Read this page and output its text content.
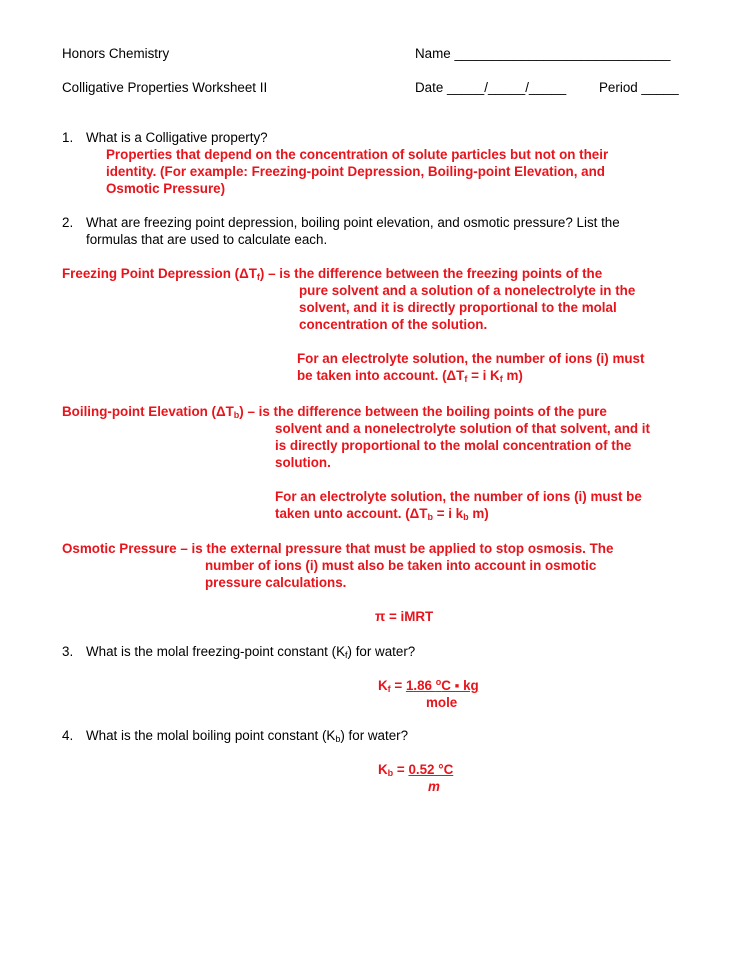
Honors Chemistry
Colligative Properties Worksheet II
Name _____________________________
Date _____/_____/_____ Period _____
1. What is a Colligative property?
Properties that depend on the concentration of solute particles but not on their
identity. (For example: Freezing-point Depression, Boiling-point Elevation, and
Osmotic Pressure)
2. What are freezing point depression, boiling point elevation, and osmotic pressure? List the
formulas that are used to calculate each.
Freezing Point Depression $(\Delta T_f)$ – is the difference between the freezing points of the
pure solvent and a solution of a nonelectrolyte in the
solvent, and it is directly proportional to the molal
concentration of the solution.
For an electrolyte solution, the number of ions (i) must
be taken into account. ($\Delta T_f = i$ $K_f$ m)
Boiling-point Elevation $(\Delta T_b)$ – is the difference between the boiling points of the pure
solvent and a nonelectrolyte solution of that solvent, and it
is directly proportional to the molal concentration of the
solution.
For an electrolyte solution, the number of ions (i) must be
taken unto account. ($\Delta T_b = i$ $k_b$ m)
Osmotic Pressure – is the external pressure that must be applied to stop osmosis. The
number of ions (i) must also be taken into account in osmotic
pressure calculations.
π = iMRT
3. What is the molal freezing-point constant $(K_f)$ for water?
$K_f = 1.86$ $^o$C ▪ kg
mole
4. What is the molal boiling point constant $(K_b)$ for water?
$K_b = 0.52$ °C
m
